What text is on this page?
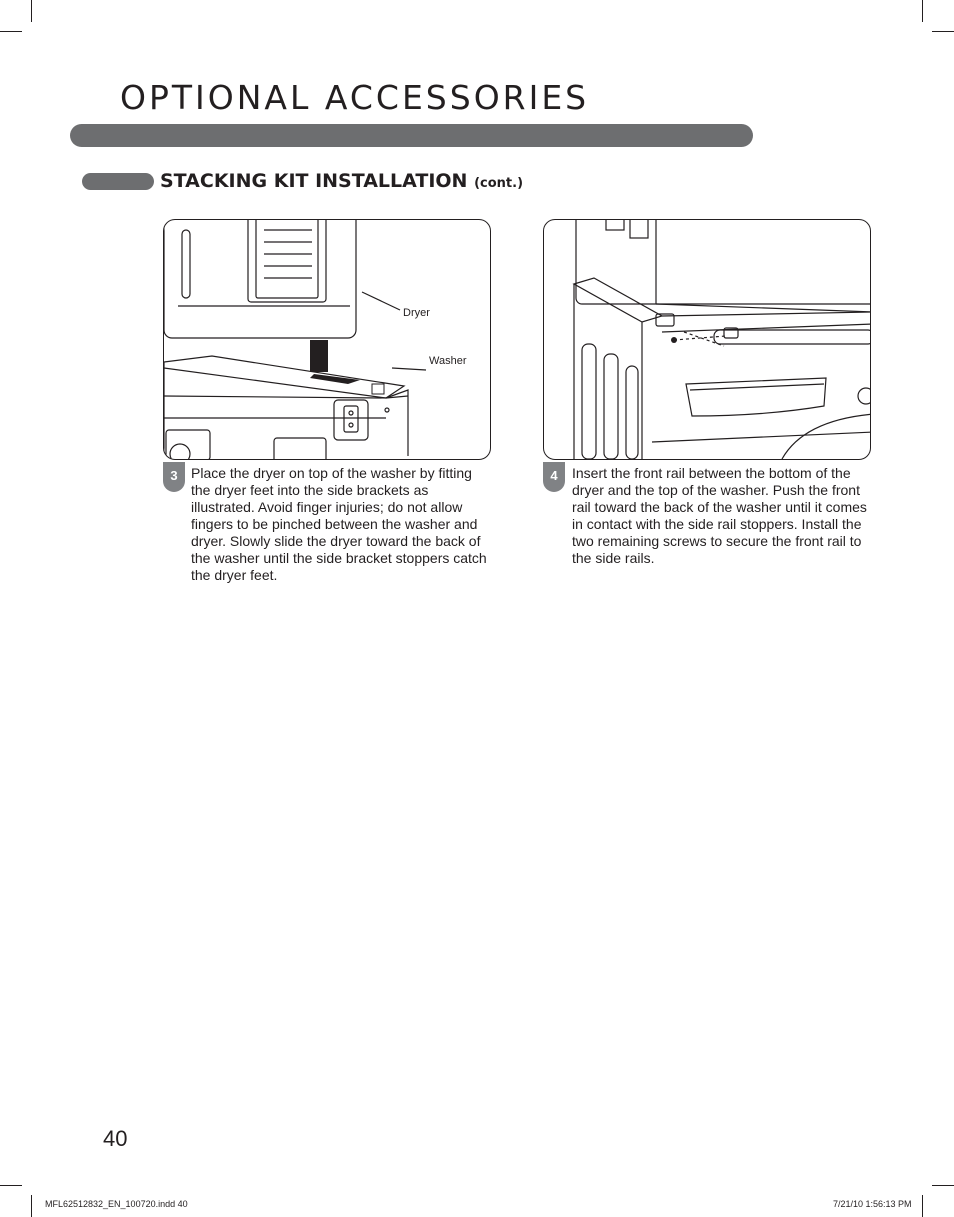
OPTIONAL ACCESSORIES
STACKING KIT INSTALLATION (cont.)
Dryer
Washer
3 Place the dryer on top of the washer by fitting the dryer feet into the side brackets as illustrated. Avoid finger injuries; do not allow fingers to be pinched between the washer and dryer. Slowly slide the dryer toward the back of the washer until the side bracket stoppers catch the dryer feet.

4	Insert the front rail between the bottom of the dryer and the top of the washer. Push the front rail toward the back of the washer until it comes in contact with the side rail stoppers. Install the two remaining screws to secure the front rail to the side rails.

40
MFL62512832_EN_100720.indd 40	7/21/10 1:56:13 PM
